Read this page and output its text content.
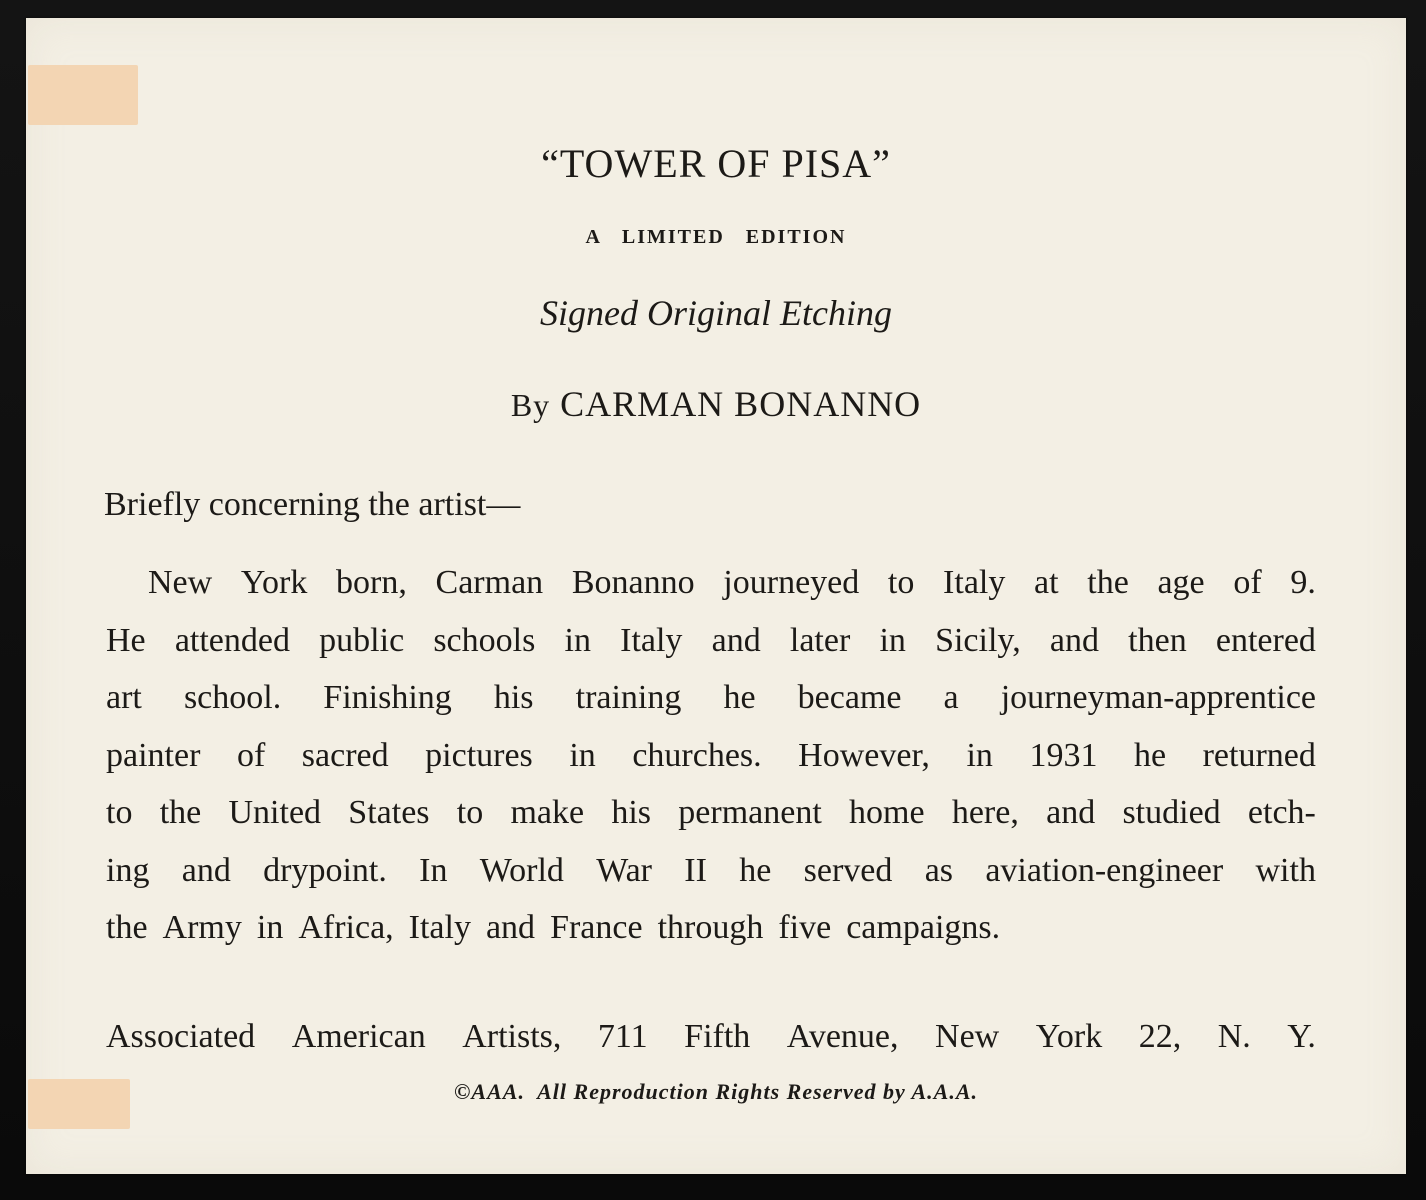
“TOWER OF PISA”
A   LIMITED   EDITION
Signed Original Etching
By CARMAN BONANNO
Briefly concerning the artist—
New York born, Carman Bonanno journeyed to Italy at the age of 9.
He attended public schools in Italy and later in Sicily, and then entered
art school. Finishing his training he became a journeyman-apprentice
painter of sacred pictures in churches. However, in 1931 he returned
to the United States to make his permanent home here, and studied etch-
ing and drypoint. In World War II he served as aviation-engineer with
the Army in Africa, Italy and France through five campaigns.
Associated American Artists, 711 Fifth Avenue, New York 22, N. Y.
©AAA.  All Reproduction Rights Reserved by A.A.A.
